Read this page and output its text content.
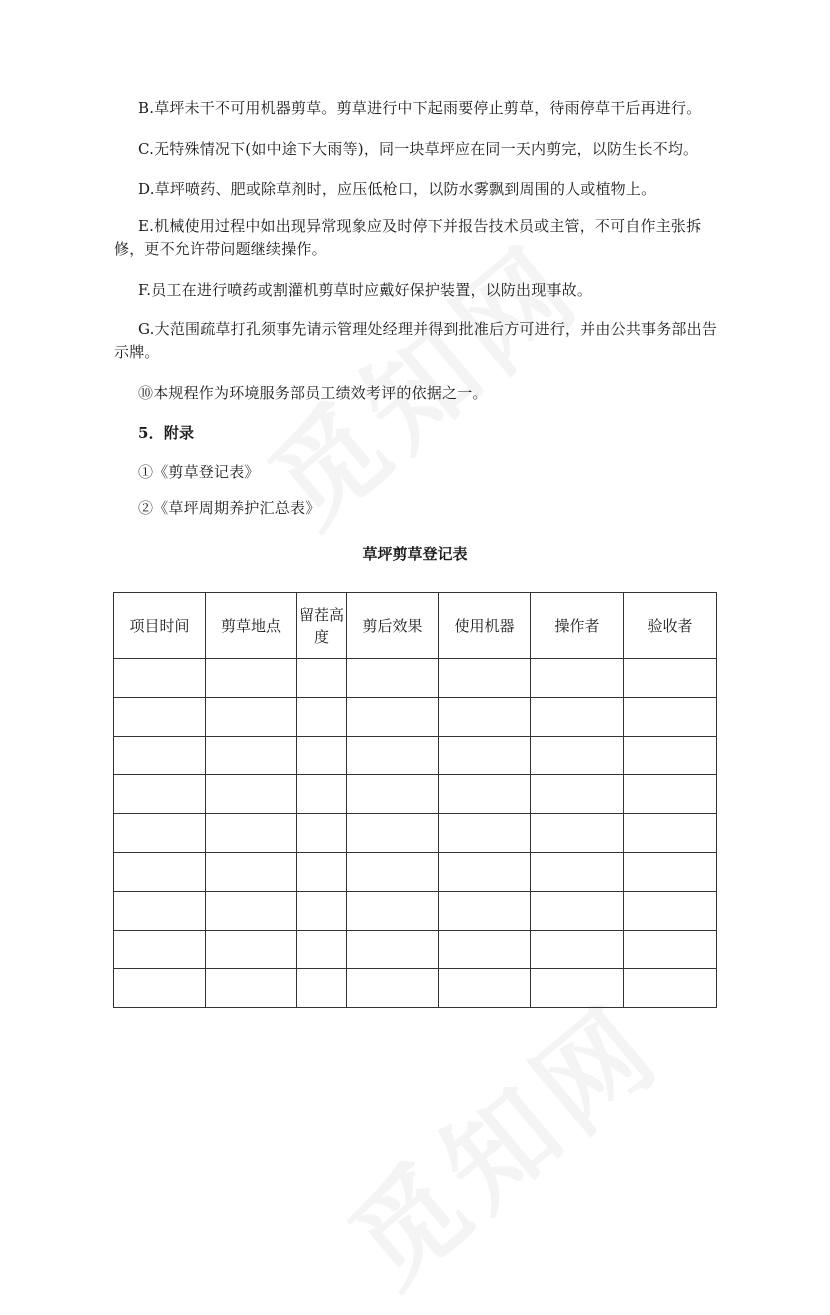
B.草坪未干不可用机器剪草。剪草进行中下起雨要停止剪草，待雨停草干后再进行。

C.无特殊情况下(如中途下大雨等)，同一块草坪应在同一天内剪完，以防生长不均。

D.草坪喷药、肥或除草剂时，应压低枪口，以防水雾飘到周围的人或植物上。

E.机械使用过程中如出现异常现象应及时停下并报告技术员或主管，不可自作主张拆修，更不允许带问题继续操作。

F.员工在进行喷药或割灌机剪草时应戴好保护装置，以防出现事故。

G.大范围疏草打孔须事先请示管理处经理并得到批准后方可进行，并由公共事务部出告示牌。

⑩本规程作为环境服务部员工绩效考评的依据之一。

5．附录

①《剪草登记表》

②《草坪周期养护汇总表》

草坪剪草登记表
项目时间	剪草地点	留茬高度	剪后效果	使用机器	操作者	验收者
